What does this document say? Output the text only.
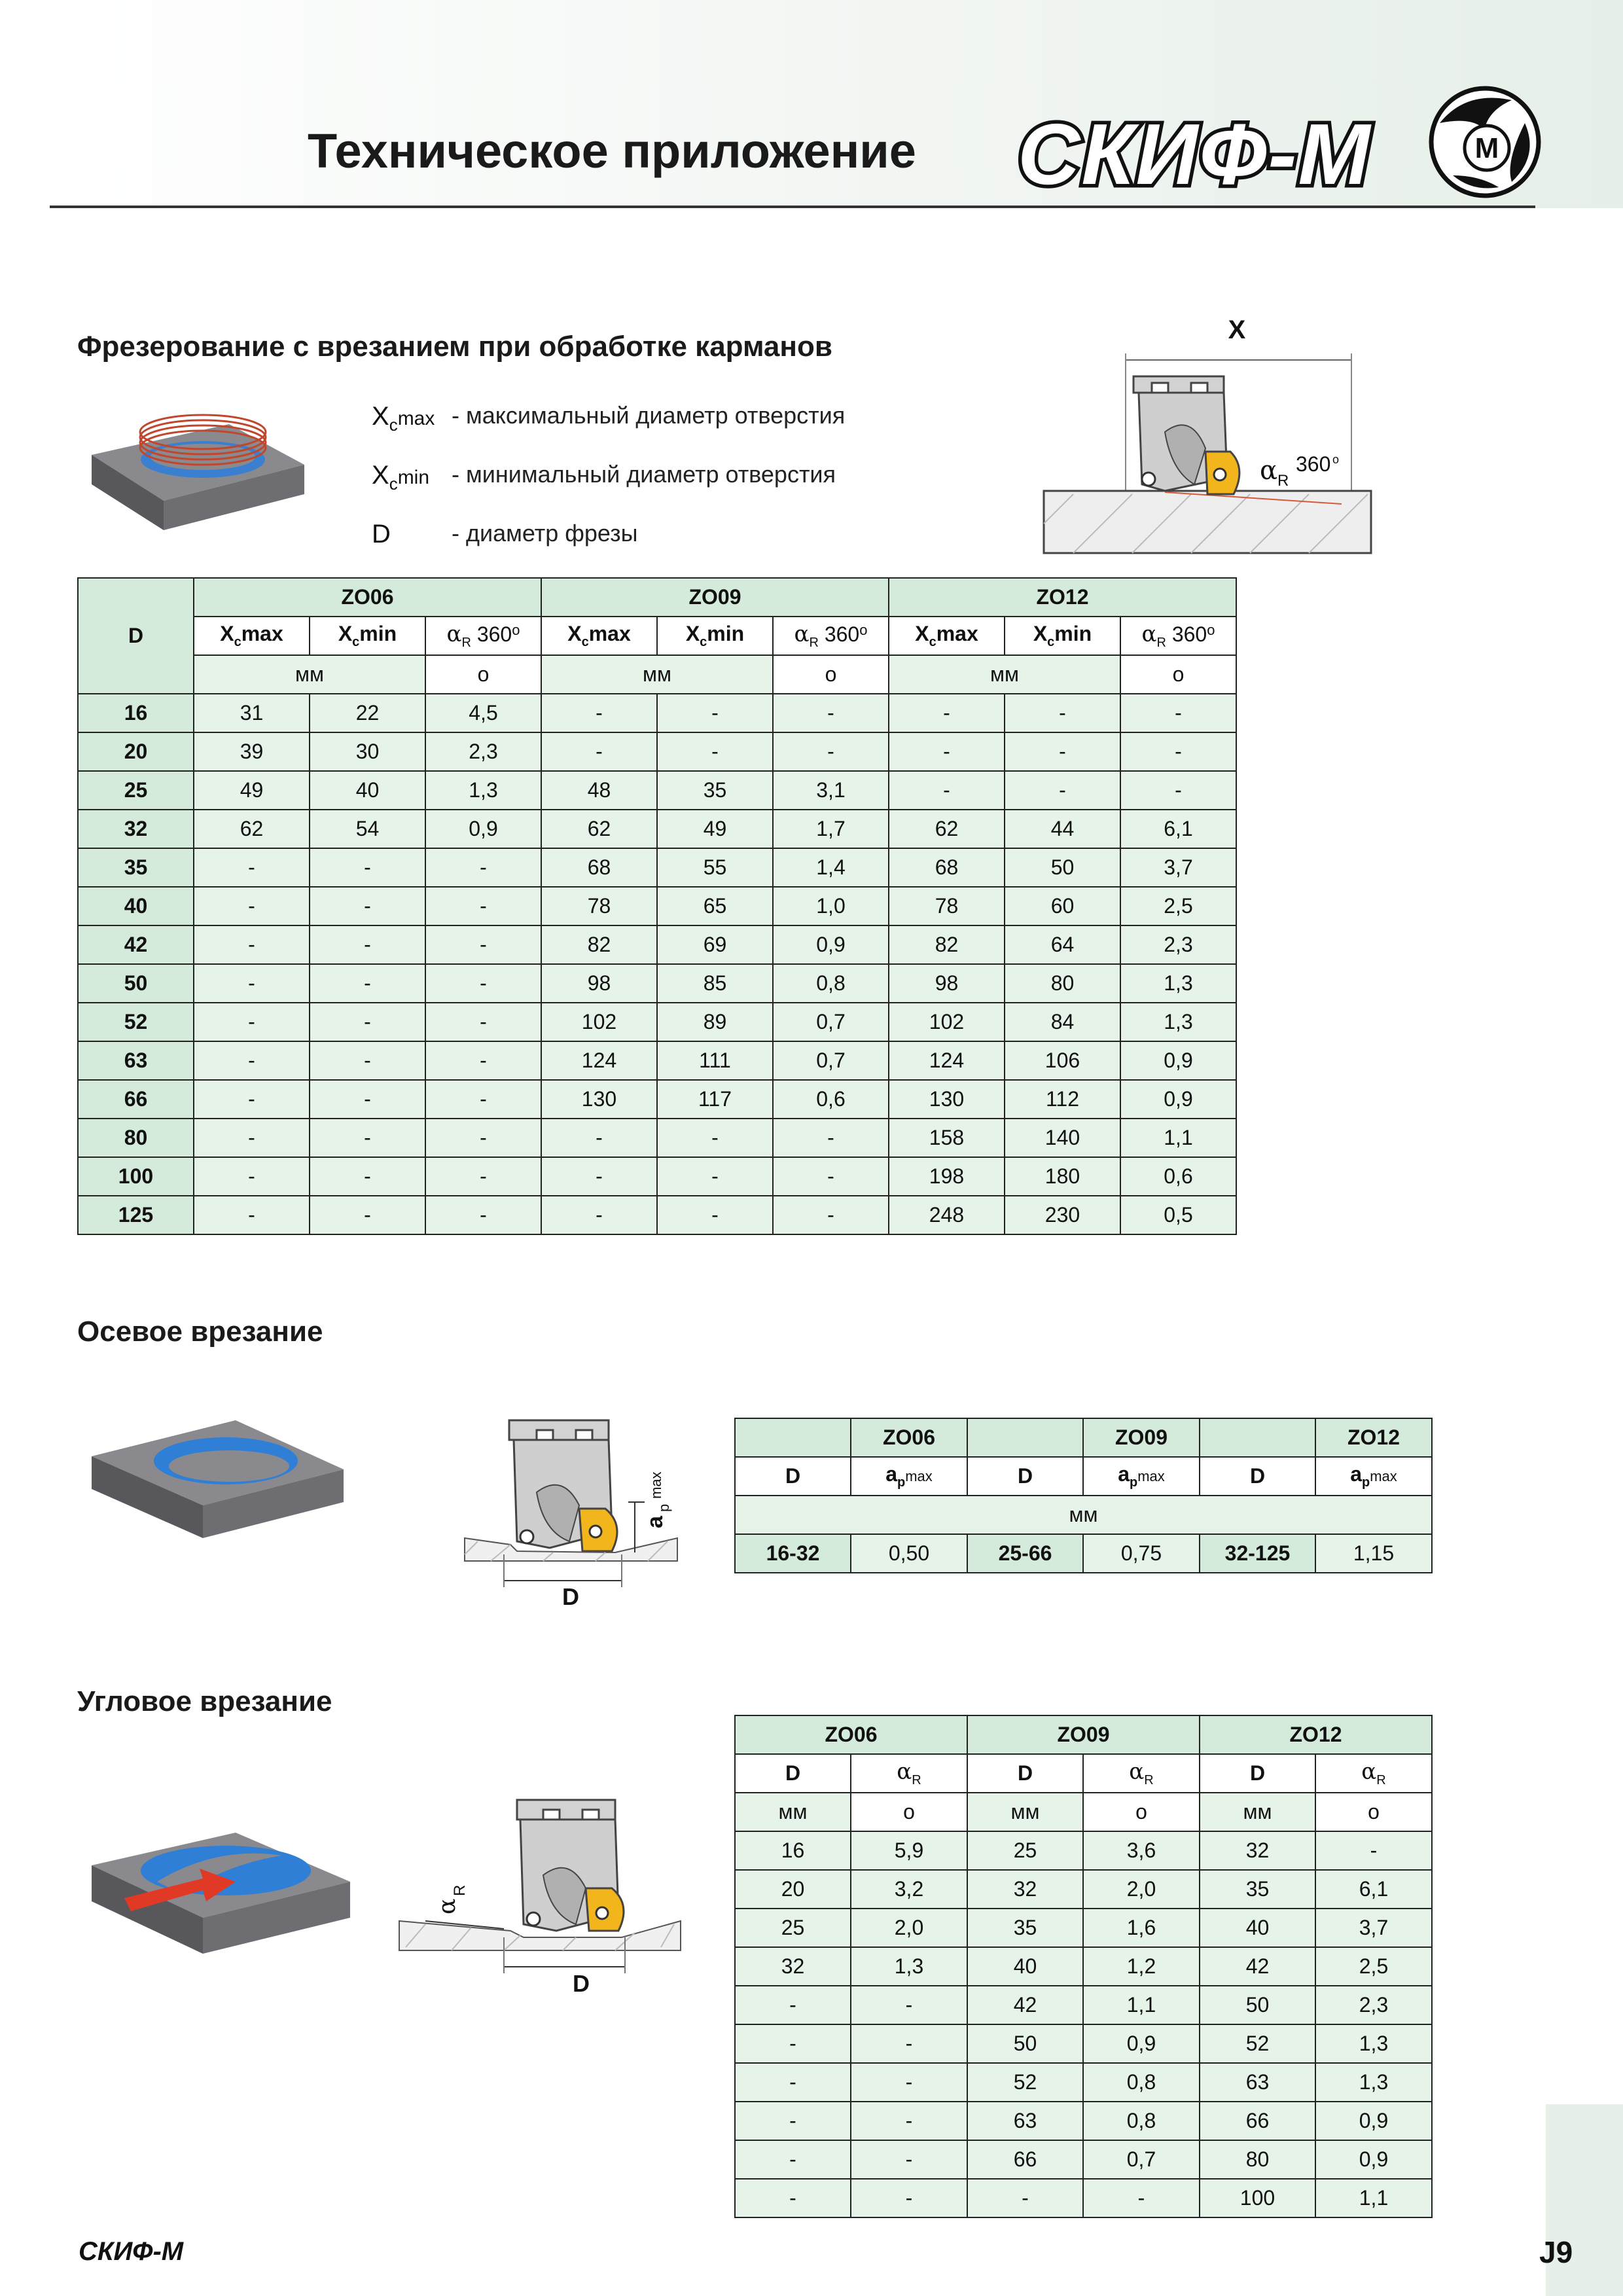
Техническое приложение СКИФ-М	М
Фрезерование с врезанием при обработке карманов
$X_c\max$ - максимальный диаметр отверстия
$X_c\min$ - минимальный диаметр отверстия
D	- диаметр фрезы
X
α R
360 o
D	ZO06			ZO09			ZO12		
	$X_c\max$	$X_c\min$	$\alpha_R$ 360$^o$	$X_c\max$	$X_c\min$	$\alpha_R$ 360$^o$	$X_c\max$	$X_c\min$	$\alpha_R$ 360$^o$
	мм		o	мм		o	мм		o
16	31	22	4,5	-	-	-	-	-	-
20	39	30	2,3	-	-	-	-	-	-
25	49	40	1,3	48	35	3,1	-	-	-
32	62	54	0,9	62	49	1,7	62	44	6,1
35	-	-	-	68	55	1,4	68	50	3,7
40	-	-	-	78	65	1,0	78	60	2,5
42	-	-	-	82	69	0,9	82	64	2,3
50	-	-	-	98	85	0,8	98	80	1,3
52	-	-	-	102	89	0,7	102	84	1,3
63	-	-	-	124	111	0,7	124	106	0,9
66	-	-	-	130	117	0,6	130	112	0,9
80	-	-	-	-	-	-	158	140	1,1
100	-	-	-	-	-	-	198	180	0,6
125	-	-	-	-	-	-	248	230	0,5
Осевое врезание
a
p
max
D
	ZO06		ZO09		ZO12
D	$a_p\max$	D	$a_p\max$	D	$a_p\max$
мм					
16-32	0,50	25-66	0,75	32-125	1,15
Угловое врезание
α
R
D
ZO06		ZO09		ZO12	
D	$\alpha_R$	D	$\alpha_R$	D	$\alpha_R$
мм	o	мм	o	мм	o
16	5,9	25	3,6	32	-
20	3,2	32	2,0	35	6,1
25	2,0	35	1,6	40	3,7
32	1,3	40	1,2	42	2,5
-	-	42	1,1	50	2,3
-	-	50	0,9	52	1,3
-	-	52	0,8	63	1,3
-	-	63	0,8	66	0,9
-	-	66	0,7	80	0,9
-	-	-	-	100	1,1
СКИФ-М	J9
